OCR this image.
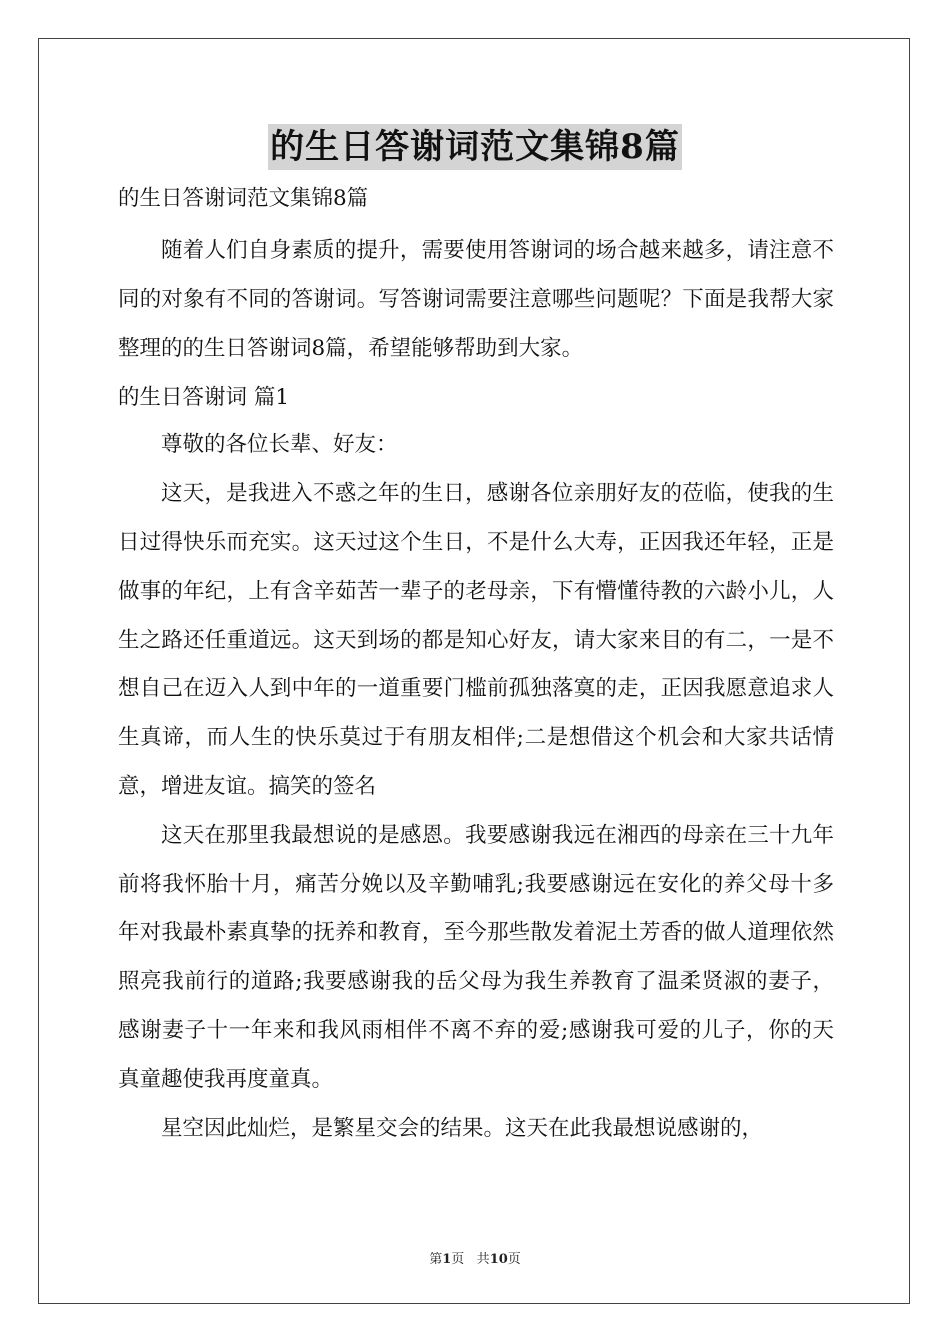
的生日答谢词范文集锦8篇
的生日答谢词范文集锦8篇

随着人们自身素质的提升，需要使用答谢词的场合越来越多，请注意不同的对象有不同的答谢词。写答谢词需要注意哪些问题呢？下面是我帮大家整理的的生日答谢词8篇，希望能够帮助到大家。

的生日答谢词 篇1

尊敬的各位长辈、好友：

这天，是我进入不惑之年的生日，感谢各位亲朋好友的莅临，使我的生日过得快乐而充实。这天过这个生日，不是什么大寿，正因我还年轻，正是做事的年纪，上有含辛茹苦一辈子的老母亲，下有懵懂待教的六龄小儿，人生之路还任重道远。这天到场的都是知心好友，请大家来目的有二，一是不想自己在迈入人到中年的一道重要门槛前孤独落寞的走，正因我愿意追求人生真谛，而人生的快乐莫过于有朋友相伴;二是想借这个机会和大家共话情意，增进友谊。搞笑的签名

这天在那里我最想说的是感恩。我要感谢我远在湘西的母亲在三十九年前将我怀胎十月，痛苦分娩以及辛勤哺乳;我要感谢远在安化的养父母十多年对我最朴素真挚的抚养和教育，至今那些散发着泥土芳香的做人道理依然照亮我前行的道路;我要感谢我的岳父母为我生养教育了温柔贤淑的妻子，感谢妻子十一年来和我风雨相伴不离不弃的爱;感谢我可爱的儿子，你的天真童趣使我再度童真。

星空因此灿烂，是繁星交会的结果。这天在此我最想说感谢的，

第1页 共10页
